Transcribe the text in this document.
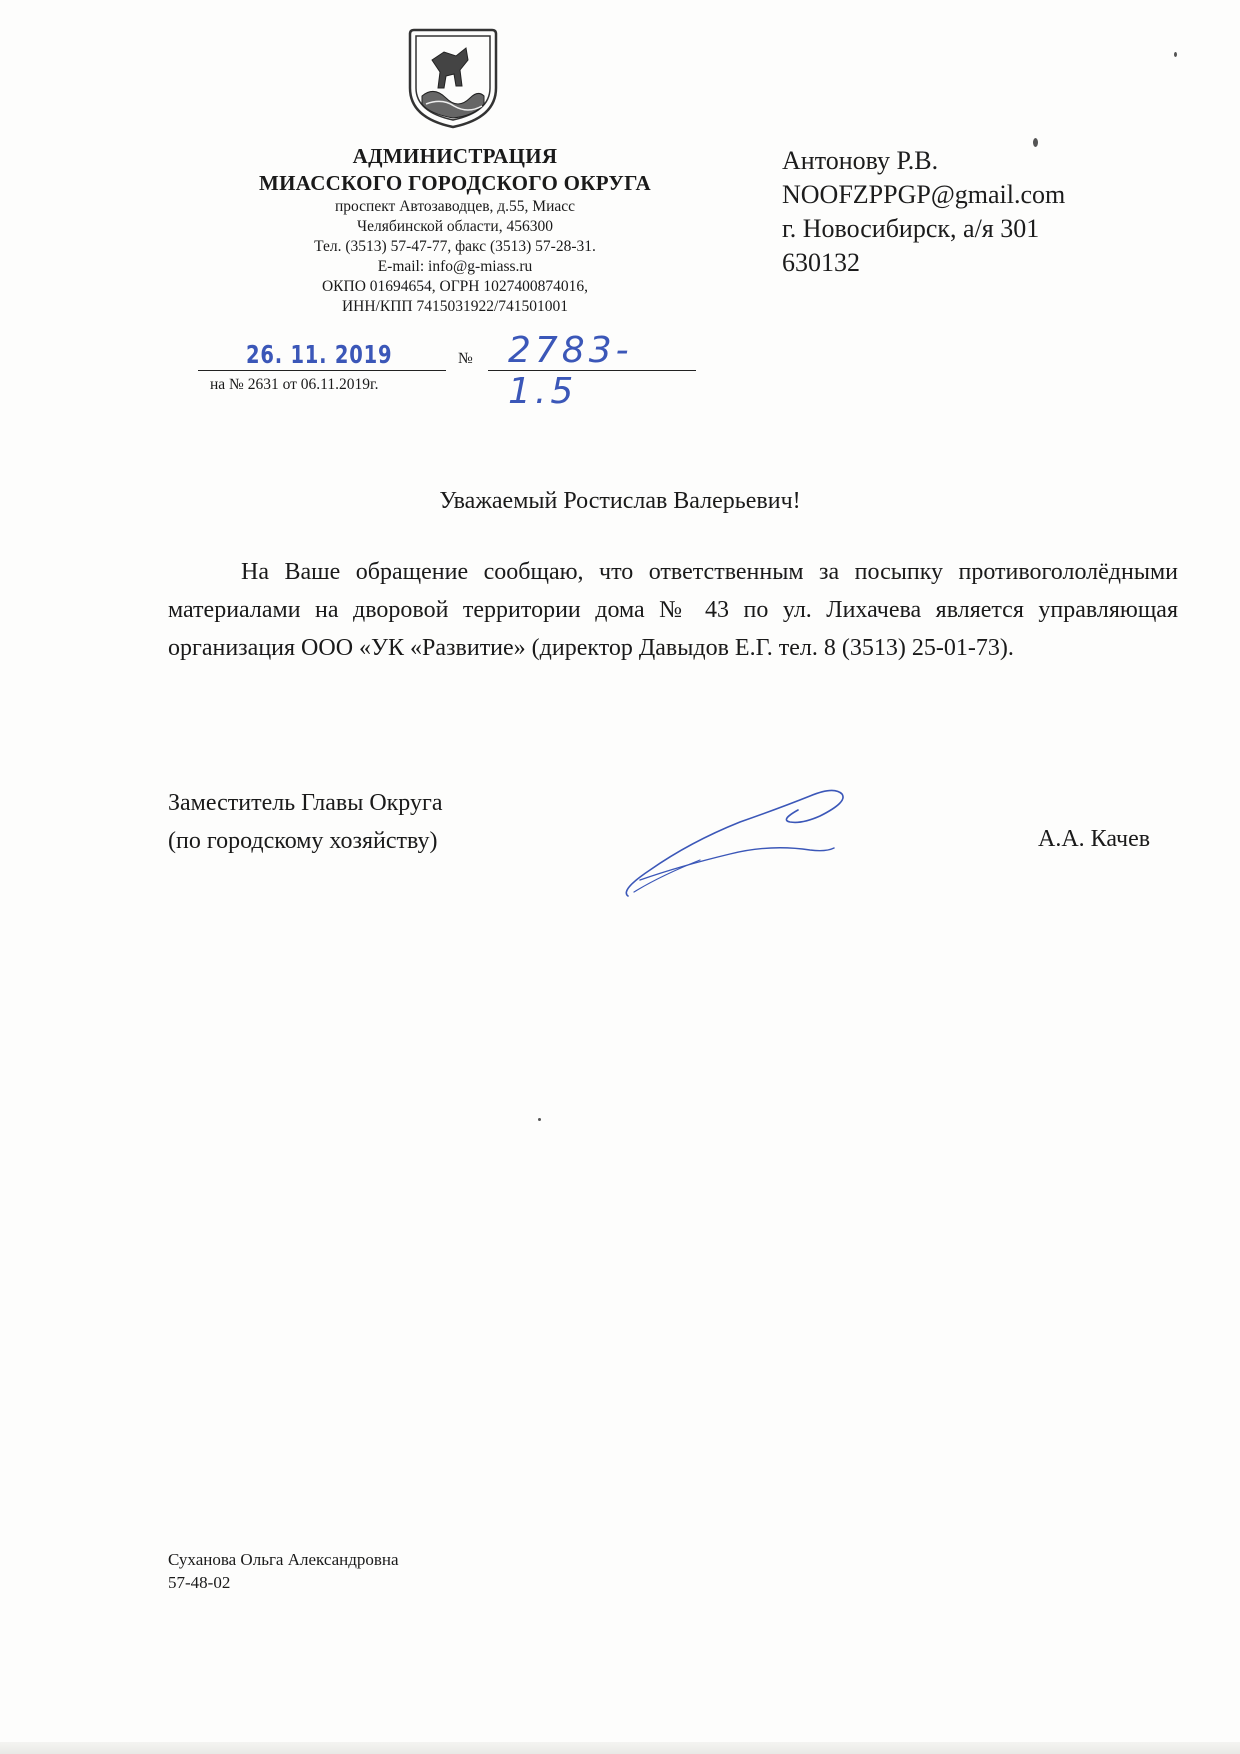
АДМИНИСТРАЦИЯ
МИАССКОГО ГОРОДСКОГО ОКРУГА
проспект Автозаводцев, д.55, Миасс
Челябинской области, 456300
Тел. (3513) 57-47-77, факс (3513) 57-28-31.
E-mail: info@g-miass.ru
ОКПО 01694654, ОГРН 1027400874016,
ИНН/КПП 7415031922/741501001
26. 11. 2019	№ 2783-1.5
на № 2631 от 06.11.2019г.
Антонову Р.В.
NOOFZPPGP@gmail.com
г. Новосибирск, а/я 301
630132
Уважаемый Ростислав Валерьевич!
На Ваше обращение сообщаю, что ответственным за посыпку противогололёдными материалами на дворовой территории дома № 43 по ул. Лихачева является управляющая организация ООО «УК «Развитие» (директор Давыдов Е.Г. тел. 8 (3513) 25-01-73).
Заместитель Главы Округа
(по городскому хозяйству)	А.А. Качев
Суханова Ольга Александровна
57-48-02
